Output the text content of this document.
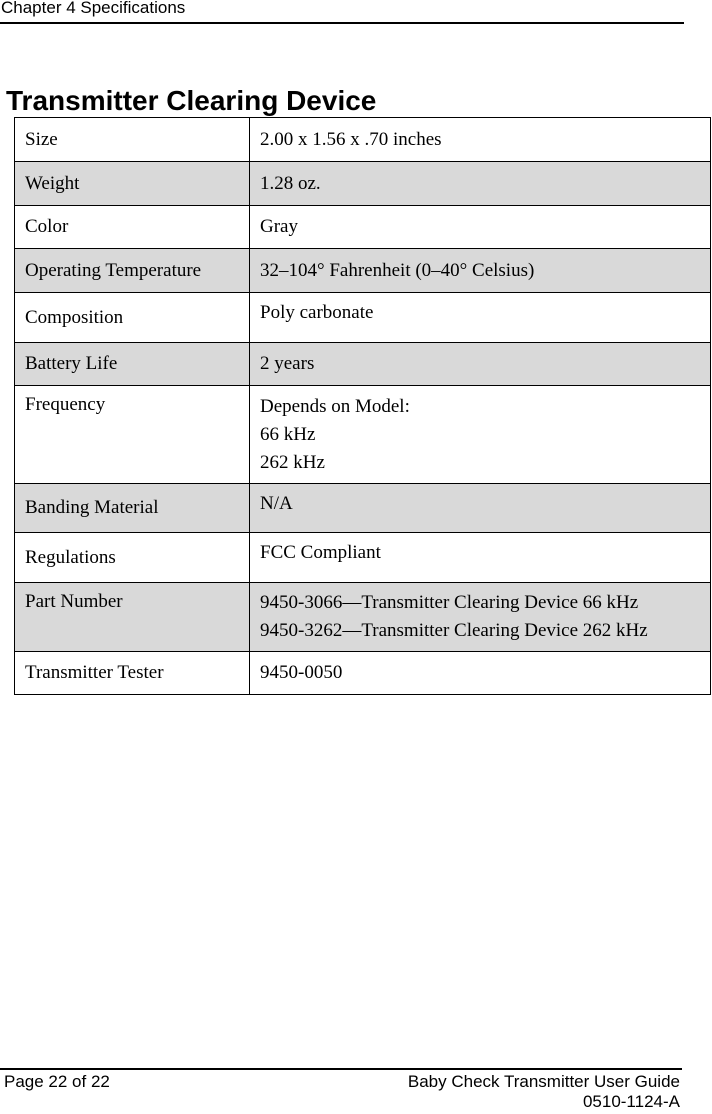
Chapter 4 Specifications
Transmitter Clearing Device
Size	2.00 x 1.56 x .70 inches

Weight	1.28 oz.

Color	Gray

Operating Temperature	32–104° Fahrenheit (0–40° Celsius)

Composition	Poly carbonate

Battery Life	2 years

Frequency	Depends on Model:
66 kHz
262 kHz

Banding Material	N/A

Regulations	FCC Compliant

Part Number	9450-3066—Transmitter Clearing Device 66 kHz
9450-3262—Transmitter Clearing Device 262 kHz

Transmitter Tester	9450-0050
Page 22 of 22	Baby Check Transmitter User Guide
0510-1124-A
